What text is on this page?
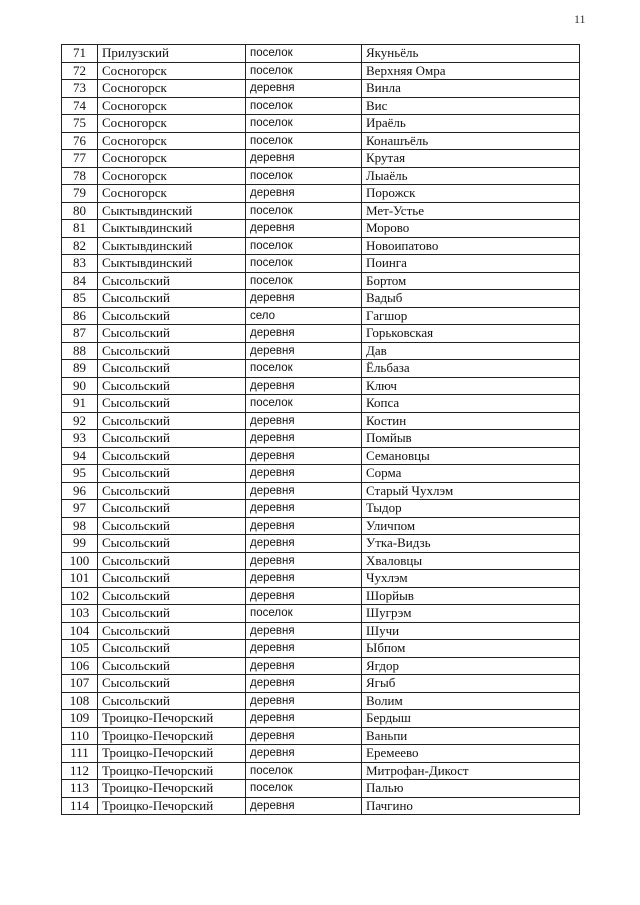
11
71	Прилузский	поселок	Якуньёль
72	Сосногорск	поселок	Верхняя Омра
73	Сосногорск	деревня	Винла
74	Сосногорск	поселок	Вис
75	Сосногорск	поселок	Ираёль
76	Сосногорск	поселок	Конашъёль
77	Сосногорск	деревня	Крутая
78	Сосногорск	поселок	Лыаёль
79	Сосногорск	деревня	Порожск
80	Сыктывдинский	поселок	Мет-Устье
81	Сыктывдинский	деревня	Морово
82	Сыктывдинский	поселок	Новоипатово
83	Сыктывдинский	поселок	Поинга
84	Сысольский	поселок	Бортом
85	Сысольский	деревня	Вадыб
86	Сысольский	село	Гагшор
87	Сысольский	деревня	Горьковская
88	Сысольский	деревня	Дав
89	Сысольский	поселок	Ёльбаза
90	Сысольский	деревня	Ключ
91	Сысольский	поселок	Копса
92	Сысольский	деревня	Костин
93	Сысольский	деревня	Помйыв
94	Сысольский	деревня	Семановцы
95	Сысольский	деревня	Сорма
96	Сысольский	деревня	Старый Чухлэм
97	Сысольский	деревня	Тыдор
98	Сысольский	деревня	Уличпом
99	Сысольский	деревня	Утка-Видзь
100	Сысольский	деревня	Хваловцы
101	Сысольский	деревня	Чухлэм
102	Сысольский	деревня	Шорйыв
103	Сысольский	поселок	Шугрэм
104	Сысольский	деревня	Шучи
105	Сысольский	деревня	Ыбпом
106	Сысольский	деревня	Ягдор
107	Сысольский	деревня	Ягыб
108	Сысольский	деревня	Волим
109	Троицко-Печорский	деревня	Бердыш
110	Троицко-Печорский	деревня	Ваньпи
111	Троицко-Печорский	деревня	Еремеево
112	Троицко-Печорский	поселок	Митрофан-Дикост
113	Троицко-Печорский	поселок	Палью
114	Троицко-Печорский	деревня	Пачгино
